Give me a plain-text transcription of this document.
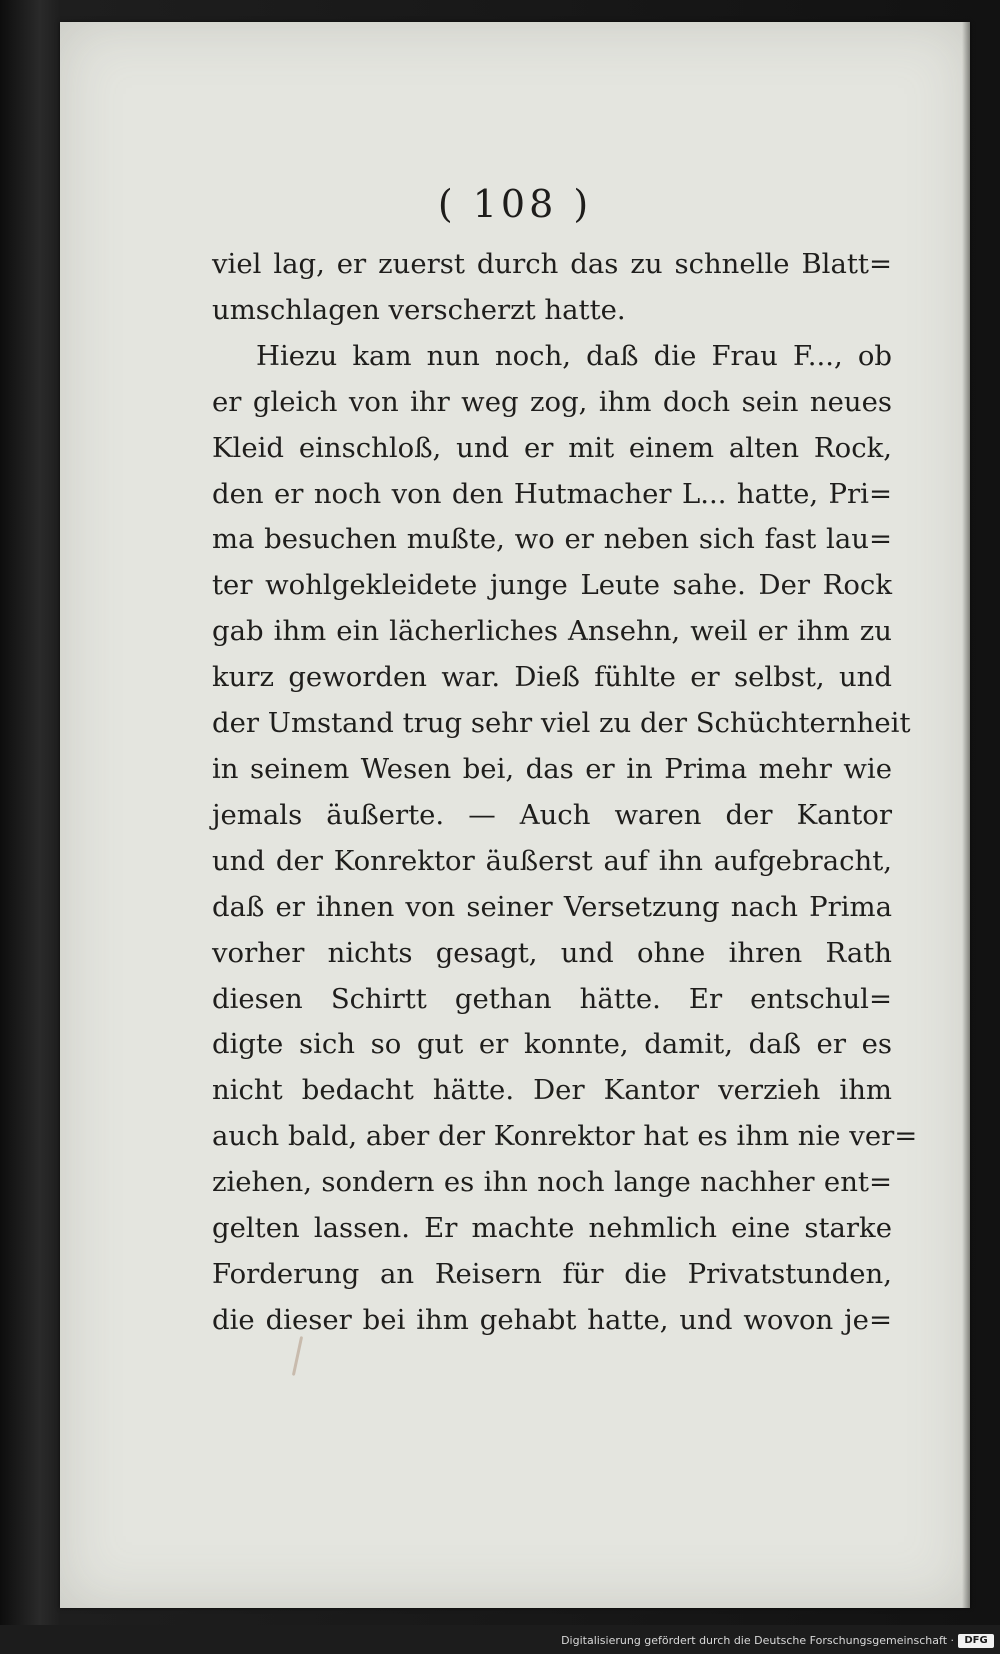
( 108 )
viel lag, er zuerst durch das zu schnelle Blatt=
umschlagen verscherzt hatte.
Hiezu kam nun noch, daß die Frau F..., ob
er gleich von ihr weg zog, ihm doch sein neues
Kleid einschloß, und er mit einem alten Rock,
den er noch von den Hutmacher L... hatte, Pri=
ma besuchen mußte, wo er neben sich fast lau=
ter wohlgekleidete junge Leute sahe. Der Rock
gab ihm ein lächerliches Ansehn, weil er ihm zu
kurz geworden war. Dieß fühlte er selbst, und
der Umstand trug sehr viel zu der Schüchternheit
in seinem Wesen bei, das er in Prima mehr wie
jemals äußerte. — Auch waren der Kantor
und der Konrektor äußerst auf ihn aufgebracht,
daß er ihnen von seiner Versetzung nach Prima
vorher nichts gesagt, und ohne ihren Rath
diesen Schirtt gethan hätte. Er entschul=
digte sich so gut er konnte, damit, daß er es
nicht bedacht hätte. Der Kantor verzieh ihm
auch bald, aber der Konrektor hat es ihm nie ver=
ziehen, sondern es ihn noch lange nachher ent=
gelten lassen. Er machte nehmlich eine starke
Forderung an Reisern für die Privatstunden,
die dieser bei ihm gehabt hatte, und wovon je=
Digitalisierung gefördert durch die Deutsche Forschungsgemeinschaft ·	DFG
